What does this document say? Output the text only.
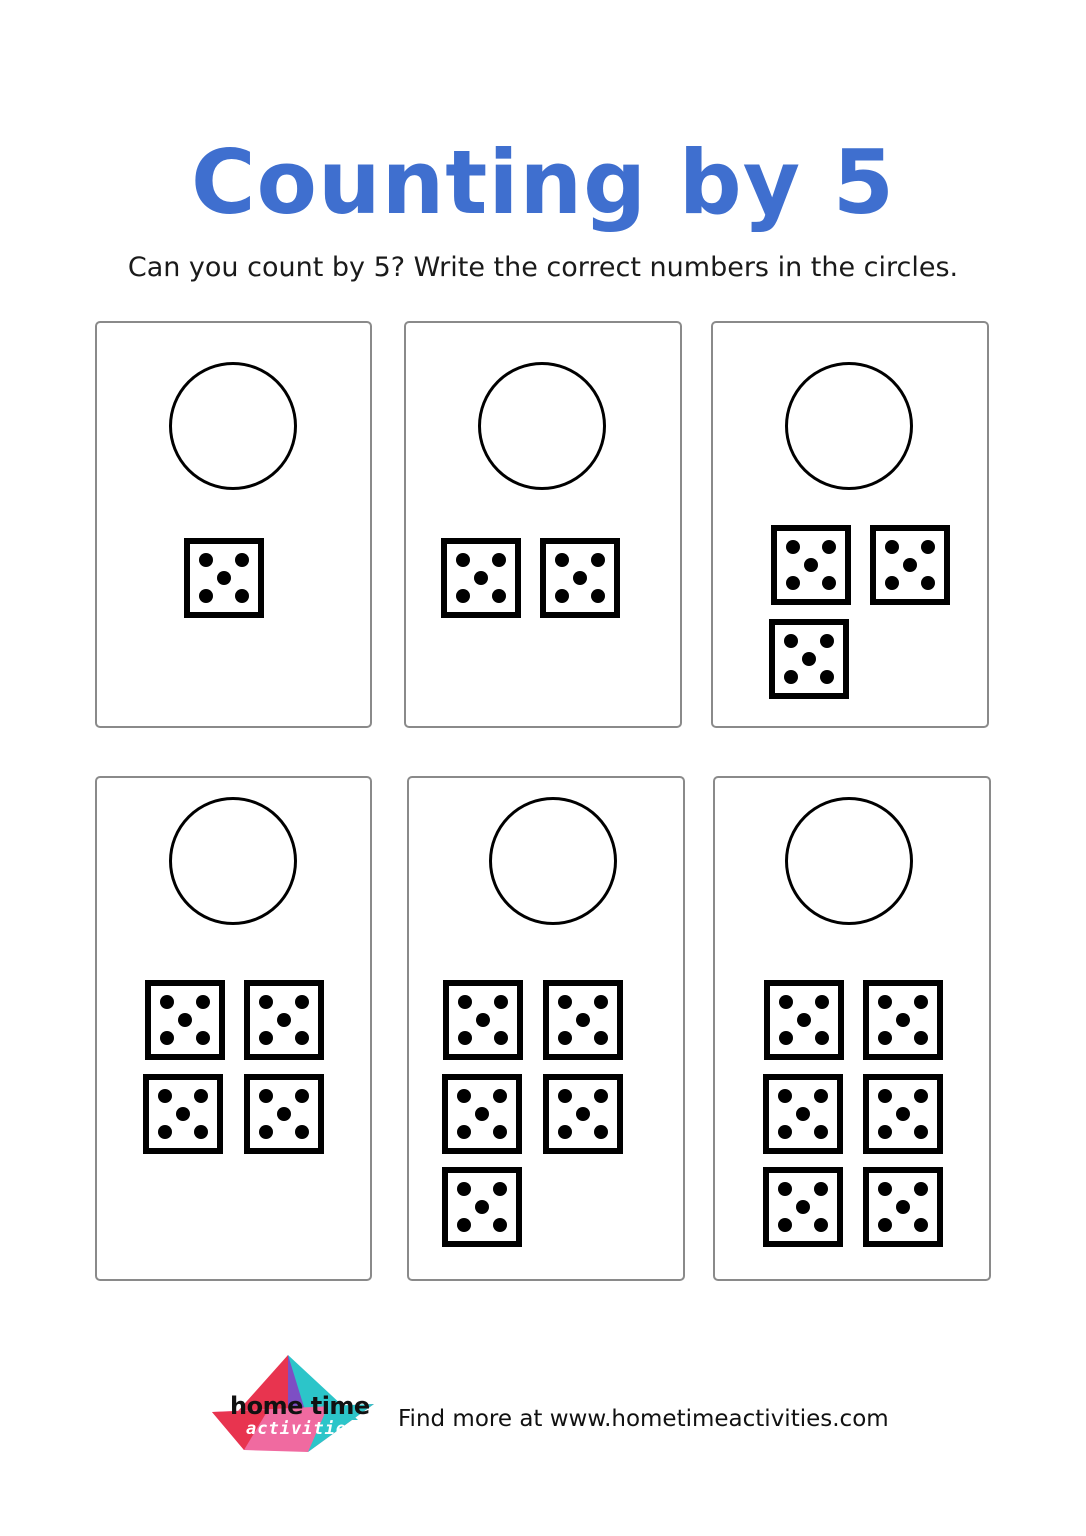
Counting by 5
Can you count by 5? Write the correct numbers in the circles.
home time
activities Find more at www.hometimeactivities.com
